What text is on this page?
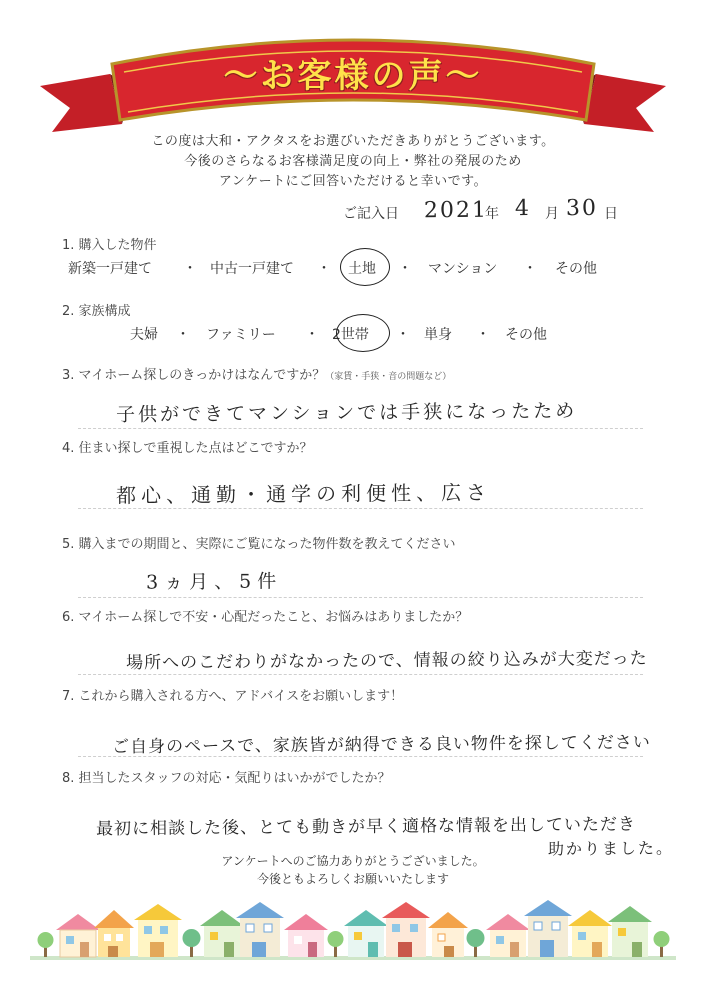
～お客様の声～
この度は大和・アクタスをお選びいただきありがとうございます。
今後のさらなるお客様満足度の向上・弊社の発展のため
アンケートにご回答いただけると幸いです。
ご記入日 2021
年 4 月 30 日
1. 購入した物件
新築一戸建て ・ 中古一戸建て ・ 土地 ・ マンション ・ その他
2. 家族構成
夫婦 ・ ファミリー ・ 2世帯 ・ 単身 ・ その他
3. マイホーム探しのきっかけはなんですか？（家賃・手狭・音の問題など）
子供ができてマンションでは手狭になったため
4. 住まい探しで重視した点はどこですか？
都心、通勤・通学の利便性、広さ
5. 購入までの期間と、実際にご覧になった物件数を教えてください
3ヵ月、5件
6. マイホーム探しで不安・心配だったこと、お悩みはありましたか？
場所へのこだわりがなかったので、情報の絞り込みが大変だった
7. これから購入される方へ、アドバイスをお願いします！
ご自身のペースで、家族皆が納得できる良い物件を探してください
8. 担当したスタッフの対応・気配りはいかがでしたか？
最初に相談した後、とても動きが早く適格な情報を出していただき
助かりました。
アンケートへのご協力ありがとうございました。
今後ともよろしくお願いいたします
